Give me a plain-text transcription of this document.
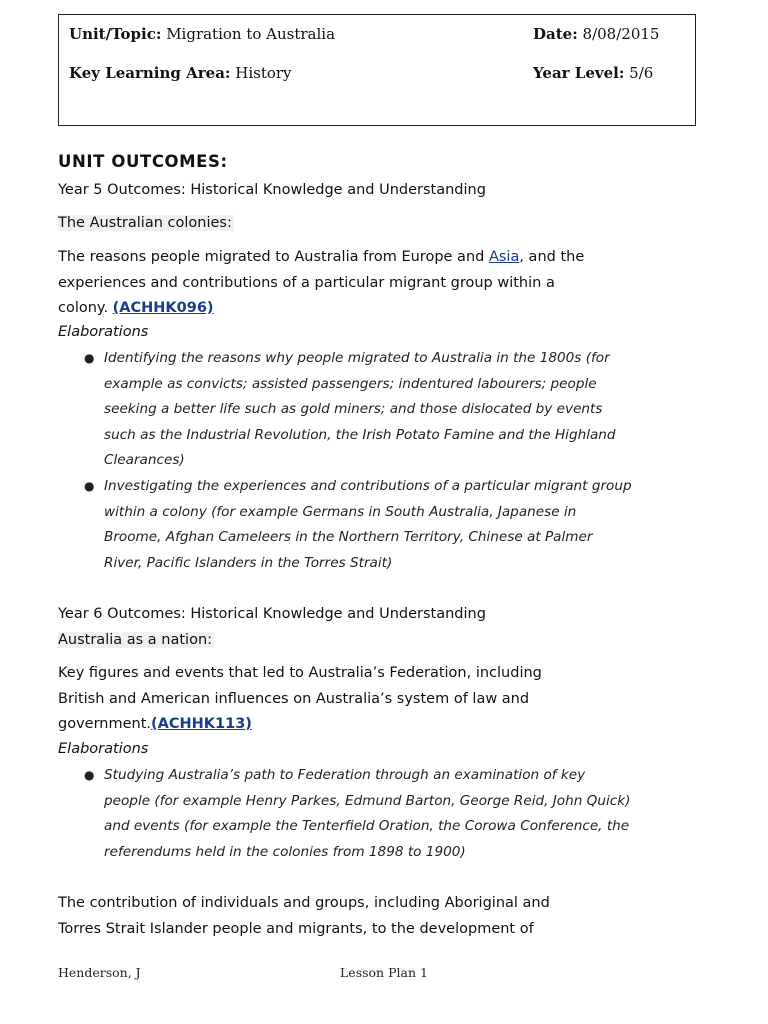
Unit/Topic: Migration to Australia	Date: 8/08/2015
Key Learning Area: History	Year Level: 5/6
UNIT OUTCOMES:
Year 5 Outcomes: Historical Knowledge and Understanding
The Australian colonies:
The reasons people migrated to Australia from Europe and Asia, and the
experiences and contributions of a particular migrant group within a
colony. (ACHHK096)
Elaborations
● Identifying the reasons why people migrated to Australia in the 1800s (for
example as convicts; assisted passengers; indentured labourers; people
seeking a better life such as gold miners; and those dislocated by events
such as the Industrial Revolution, the Irish Potato Famine and the Highland
Clearances)
● Investigating the experiences and contributions of a particular migrant group
within a colony (for example Germans in South Australia, Japanese in
Broome, Afghan Cameleers in the Northern Territory, Chinese at Palmer
River, Pacific Islanders in the Torres Strait)
Year 6 Outcomes: Historical Knowledge and Understanding
Australia as a nation:
Key figures and events that led to Australia’s Federation, including
British and American influences on Australia’s system of law and
government.(ACHHK113)
Elaborations
● Studying Australia’s path to Federation through an examination of key
people (for example Henry Parkes, Edmund Barton, George Reid, John Quick)
and events (for example the Tenterfield Oration, the Corowa Conference, the
referendums held in the colonies from 1898 to 1900)
The contribution of individuals and groups, including Aboriginal and
Torres Strait Islander people and migrants, to the development of
Henderson, J	Lesson Plan 1
